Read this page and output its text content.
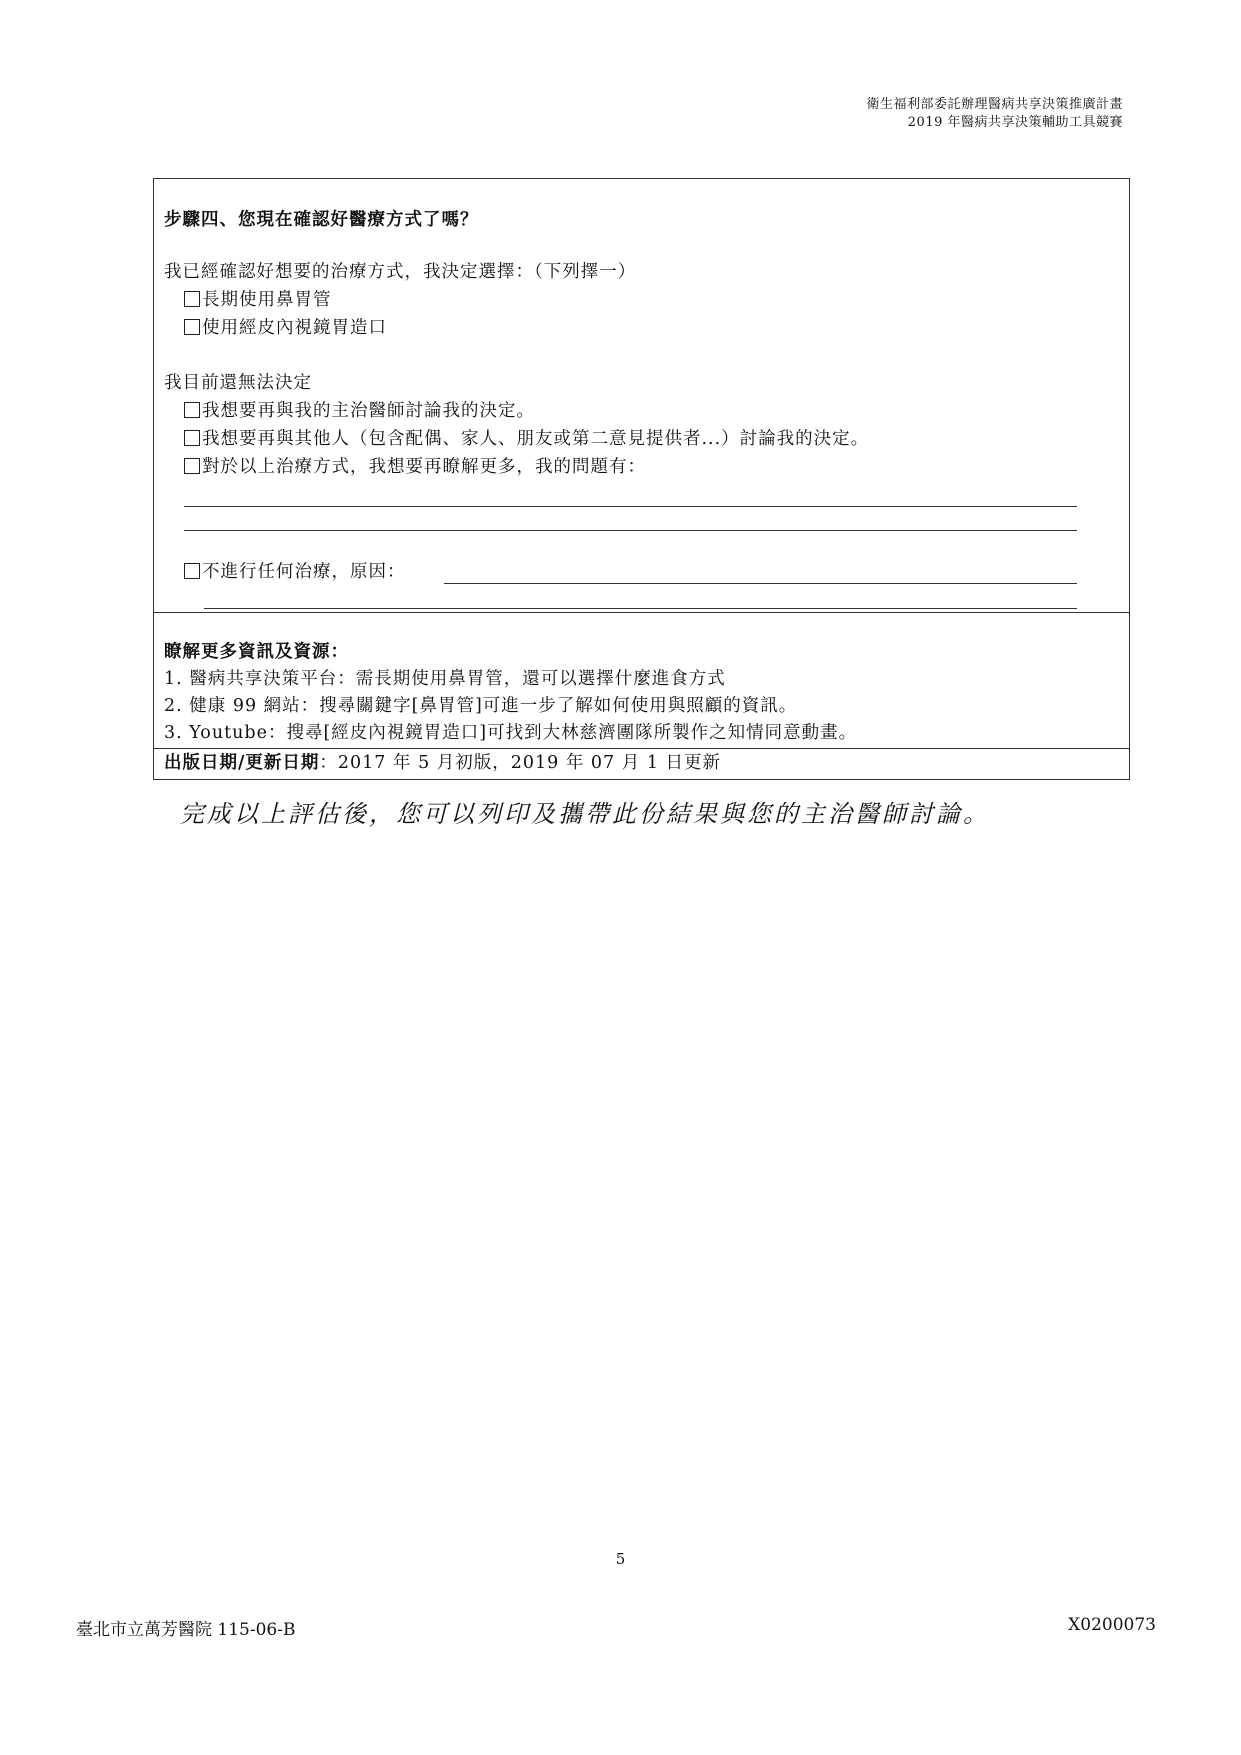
衛生福利部委託辦理醫病共享決策推廣計畫
2019 年醫病共享決策輔助工具競賽
步驟四、您現在確認好醫療方式了嗎？
我已經確認好想要的治療方式，我決定選擇：（下列擇一）
長期使用鼻胃管
使用經皮內視鏡胃造口
我目前還無法決定
我想要再與我的主治醫師討論我的決定。
我想要再與其他人（包含配偶、家人、朋友或第二意見提供者...）討論我的決定。
對於以上治療方式，我想要再瞭解更多，我的問題有：
不進行任何治療，原因：
瞭解更多資訊及資源：
1. 醫病共享決策平台：需長期使用鼻胃管，還可以選擇什麼進食方式
2. 健康 99 網站：搜尋關鍵字[鼻胃管]可進一步了解如何使用與照顧的資訊。
3. Youtube：搜尋[經皮內視鏡胃造口]可找到大林慈濟團隊所製作之知情同意動畫。
出版日期/更新日期：2017 年 5 月初版，2019 年 07 月 1 日更新
完成以上評估後，您可以列印及攜帶此份結果與您的主治醫師討論。
5
臺北市立萬芳醫院 115-06-B	X0200073
